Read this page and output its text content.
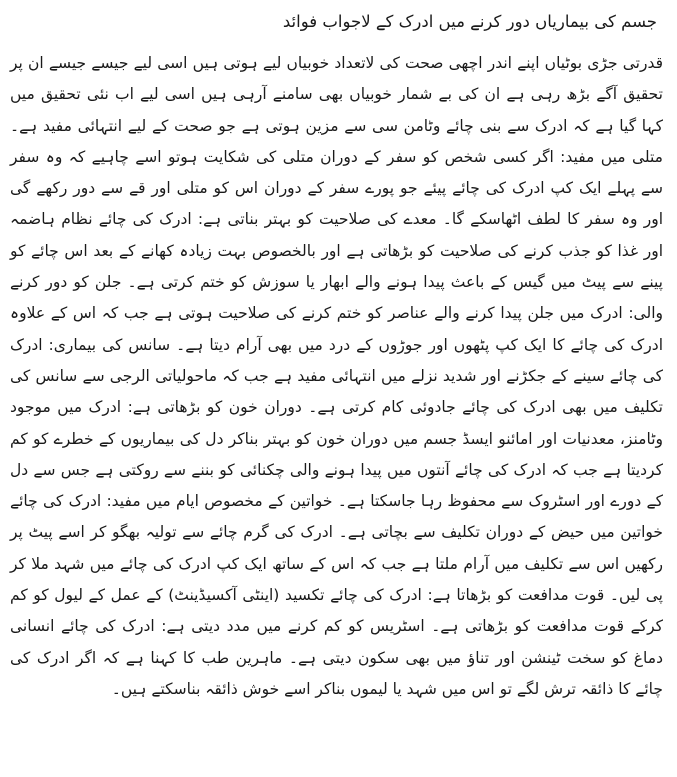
جسم کی بیماریاں دور کرنے میں ادرک کے لاجواب فوائد

قدرتی جڑی بوٹیاں اپنے اندر اچھی صحت کی لاتعداد خوبیاں لیے ہوتی ہیں اسی لیے جیسے جیسے ان پر تحقیق آگے بڑھ رہی ہے ان کی بے شمار خوبیاں بھی سامنے آرہی ہیں اسی لیے اب نئی تحقیق میں کہا گیا ہے کہ ادرک سے بنی چائے وٹامن سی سے مزین ہوتی ہے جو صحت کے لیے انتہائی مفید ہے۔ متلی میں مفید: اگر کسی شخص کو سفر کے دوران متلی کی شکایت ہوتو اسے چاہیے کہ وہ سفر سے پہلے ایک کپ ادرک کی چائے پیئے جو پورے سفر کے دوران اس کو متلی اور قے سے دور رکھے گی اور وہ سفر کا لطف اٹھاسکے گا۔ معدے کی صلاحیت کو بہتر بناتی ہے: ادرک کی چائے نظام ہاضمہ اور غذا کو جذب کرنے کی صلاحیت کو بڑھاتی ہے اور بالخصوص بہت زیادہ کھانے کے بعد اس چائے کو پینے سے پیٹ میں گیس کے باعث پیدا ہونے والے ابھار یا سوزش کو ختم کرتی ہے۔ جلن کو دور کرنے والی: ادرک میں جلن پیدا کرنے والے عناصر کو ختم کرنے کی صلاحیت ہوتی ہے جب کہ اس کے علاوہ ادرک کی چائے کا ایک کپ پٹھوں اور جوڑوں کے درد میں بھی آرام دیتا ہے۔ سانس کی بیماری: ادرک کی چائے سینے کے جکڑنے اور شدید نزلے میں انتہائی مفید ہے جب کہ ماحولیاتی الرجی سے سانس کی تکلیف میں بھی ادرک کی چائے جادوئی کام کرتی ہے۔ دوران خون کو بڑھاتی ہے: ادرک میں موجود وٹامنز، معدنیات اور امائنو ایسڈ جسم میں دوران خون کو بہتر بناکر دل کی بیماریوں کے خطرے کو کم کردیتا ہے جب کہ ادرک کی چائے آنتوں میں پیدا ہونے والی چکنائی کو بننے سے روکتی ہے جس سے دل کے دورے اور اسٹروک سے محفوظ رہا جاسکتا ہے۔ خواتین کے مخصوص ایام میں مفید: ادرک کی چائے خواتین میں حیض کے دوران تکلیف سے بچاتی ہے۔ ادرک کی گرم چائے سے تولیہ بھگو کر اسے پیٹ پر رکھیں اس سے تکلیف میں آرام ملتا ہے جب کہ اس کے ساتھ ایک کپ ادرک کی چائے میں شہد ملا کر پی لیں۔ قوت مدافعت کو بڑھاتا ہے: ادرک کی چائے تکسید (اینٹی آکسیڈینٹ) کے عمل کے لیول کو کم کرکے قوت مدافعت کو بڑھاتی ہے۔ اسٹریس کو کم کرنے میں مدد دیتی ہے: ادرک کی چائے انسانی دماغ کو سخت ٹینشن اور تناؤ میں بھی سکون دیتی ہے۔ ماہرین طب کا کہنا ہے کہ اگر ادرک کی چائے کا ذائقہ ترش لگے تو اس میں شہد یا لیموں بناکر اسے خوش ذائقہ بناسکتے ہیں۔
